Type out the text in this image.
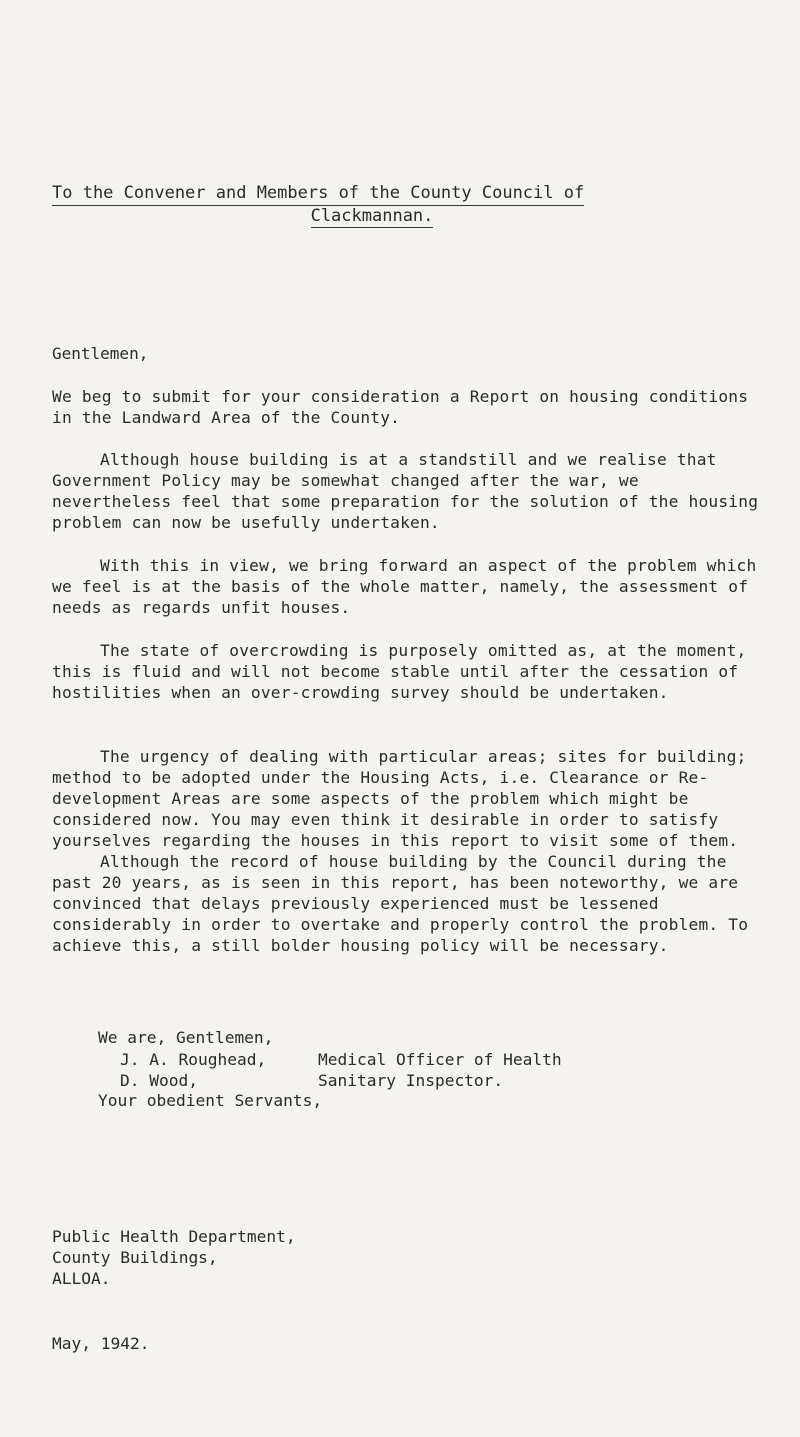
To the Convener and Members of the County Council of
Clackmannan.
Gentlemen,

We beg to submit for your consideration a Report on housing conditions in the Landward Area of the County.

Although house building is at a standstill and we realise that Government Policy may be somewhat changed after the war, we nevertheless feel that some preparation for the solution of the housing problem can now be usefully undertaken.

With this in view, we bring forward an aspect of the problem which we feel is at the basis of the whole matter, namely, the assessment of needs as regards unfit houses.

The state of overcrowding is purposely omitted as, at the moment, this is fluid and will not become stable until after the cessation of hostilities when an over-crowding survey should be undertaken.

The urgency of dealing with particular areas; sites for building; method to be adopted under the Housing Acts, i.e. Clearance or Re-development Areas are some aspects of the problem which might be considered now. You may even think it desirable in order to satisfy yourselves regarding the houses in this report to visit some of them.

Although the record of house building by the Council during the past 20 years, as is seen in this report, has been noteworthy, we are convinced that delays previously experienced must be lessened considerably in order to overtake and properly control the problem. To achieve this, a still bolder housing policy will be necessary.

We are, Gentlemen,

Your obedient Servants,

J. A. Roughead,	Medical Officer of Health
D. Wood,	Sanitary Inspector.
Public Health Department,
County Buildings,
ALLOA.
May, 1942.
